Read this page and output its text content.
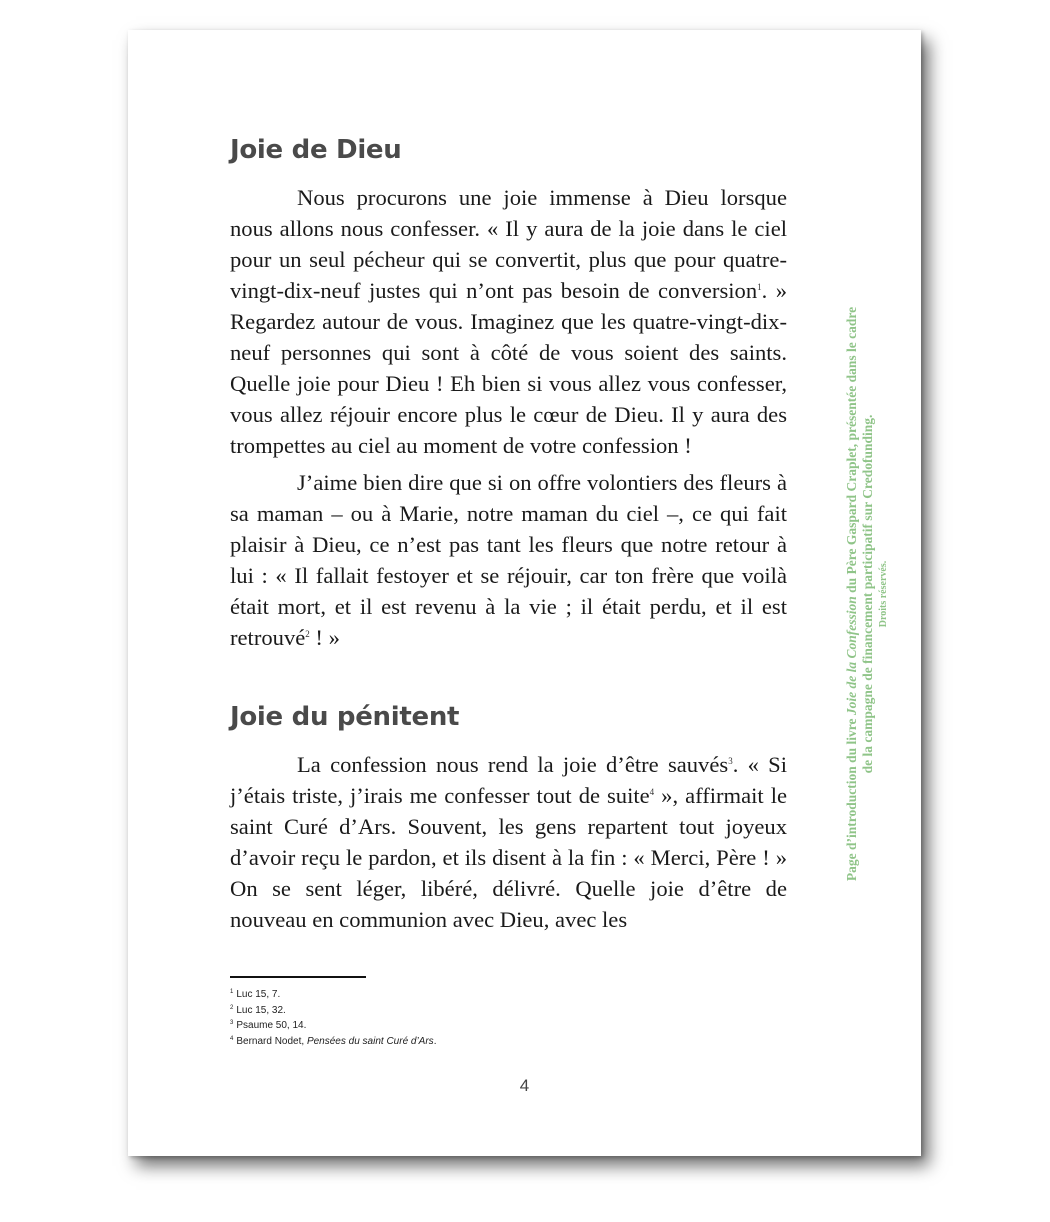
Joie de Dieu

Nous procurons une joie immense à Dieu lorsque nous allons nous confesser. « Il y aura de la joie dans le ciel pour un seul pécheur qui se convertit, plus que pour quatre-vingt-dix-neuf justes qui n’ont pas besoin de conversion$^1$. » Regardez autour de vous. Imaginez que les quatre-vingt-dix-neuf personnes qui sont à côté de vous soient des saints. Quelle joie pour Dieu ! Eh bien si vous allez vous confesser, vous allez réjouir encore plus le cœur de Dieu. Il y aura des trompettes au ciel au moment de votre confession !

J’aime bien dire que si on offre volontiers des fleurs à sa maman – ou à Marie, notre maman du ciel –, ce qui fait plaisir à Dieu, ce n’est pas tant les fleurs que notre retour à lui : « Il fallait festoyer et se réjouir, car ton frère que voilà était mort, et il est revenu à la vie ; il était perdu, et il est retrouvé$^2$ ! »

Joie du pénitent

La confession nous rend la joie d’être sauvés$^3$. « Si j’étais triste, j’irais me confesser tout de suite$^4$ », affirmait le saint Curé d’Ars. Souvent, les gens repartent tout joyeux d’avoir reçu le pardon, et ils disent à la fin : « Merci, Père ! » On se sent léger, libéré, délivré. Quelle joie d’être de nouveau en communion avec Dieu, avec les

$^1$ Luc 15, 7.
$^2$ Luc 15, 32.
$^3$ Psaume 50, 14.
$^4$ Bernard Nodet, Pensées du saint Curé d’Ars.
4
Page d’introduction du livre Joie de la Confession du Père Gaspard Craplet, présentée dans le cadre de la campagne de financement participatif sur Credofunding. Droits réservés.
